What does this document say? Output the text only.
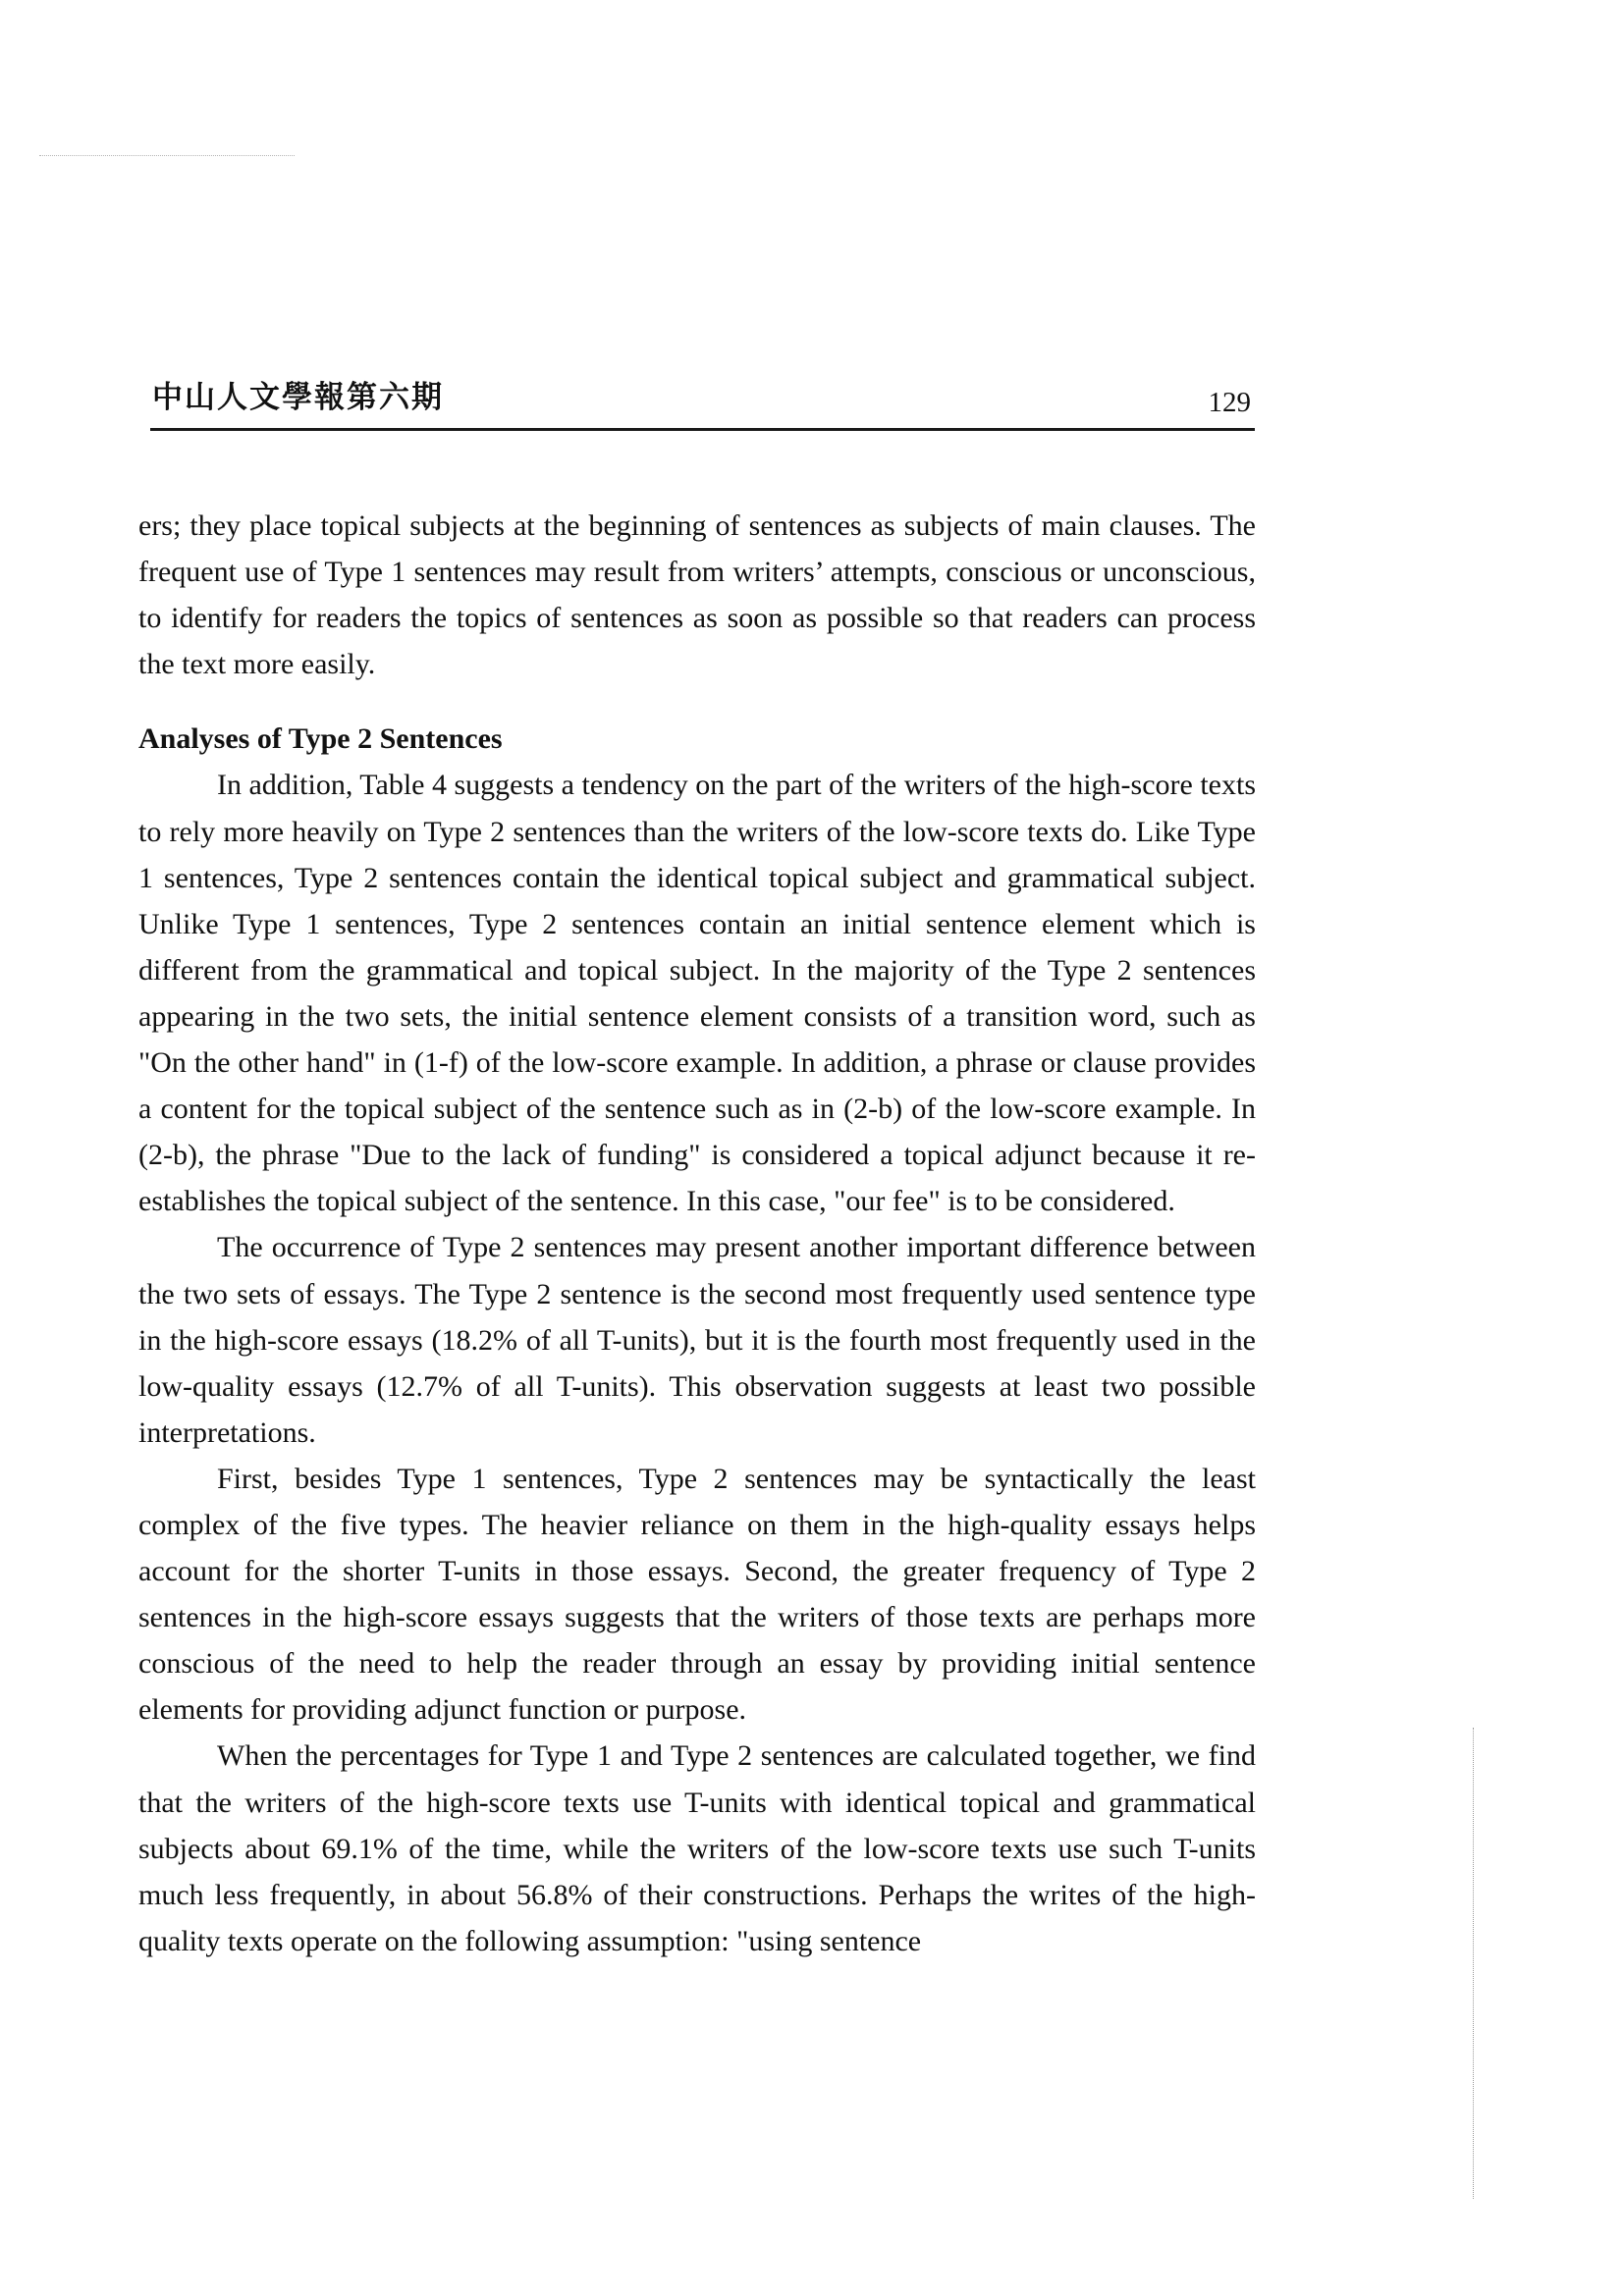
中山人文學報第六期	129

ers; they place topical subjects at the beginning of sentences as subjects of main clauses. The frequent use of Type 1 sentences may result from writers’ attempts, conscious or unconscious, to identify for readers the topics of sentences as soon as possible so that readers can process the text more easily.

Analyses of Type 2 Sentences

In addition, Table 4 suggests a tendency on the part of the writers of the high-score texts to rely more heavily on Type 2 sentences than the writers of the low-score texts do. Like Type 1 sentences, Type 2 sentences contain the identical topical subject and grammatical subject. Unlike Type 1 sentences, Type 2 sentences contain an initial sentence element which is different from the grammatical and topical subject. In the majority of the Type 2 sentences appearing in the two sets, the initial sentence element consists of a transition word, such as "On the other hand" in (1-f) of the low-score example. In addition, a phrase or clause provides a content for the topical subject of the sentence such as in (2-b) of the low-score example. In (2-b), the phrase "Due to the lack of funding" is considered a topical adjunct because it re-establishes the topical subject of the sentence. In this case, "our fee" is to be considered.

The occurrence of Type 2 sentences may present another important difference between the two sets of essays. The Type 2 sentence is the second most frequently used sentence type in the high-score essays (18.2% of all T-units), but it is the fourth most frequently used in the low-quality essays (12.7% of all T-units). This observation suggests at least two possible interpretations.

First, besides Type 1 sentences, Type 2 sentences may be syntactically the least complex of the five types. The heavier reliance on them in the high-quality essays helps account for the shorter T-units in those essays. Second, the greater frequency of Type 2 sentences in the high-score essays suggests that the writers of those texts are perhaps more conscious of the need to help the reader through an essay by providing initial sentence elements for providing adjunct function or purpose.

When the percentages for Type 1 and Type 2 sentences are calculated together, we find that the writers of the high-score texts use T-units with identical topical and grammatical subjects about 69.1% of the time, while the writers of the low-score texts use such T-units much less frequently, in about 56.8% of their constructions. Perhaps the writes of the high-quality texts operate on the following assumption: "using sentence
